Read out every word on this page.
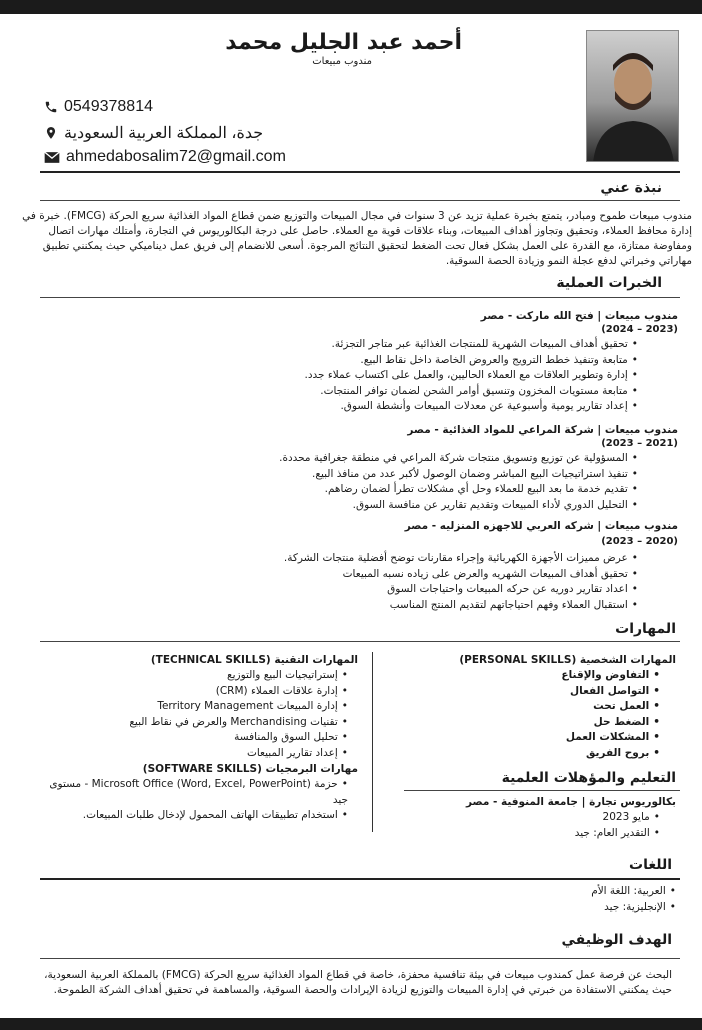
أحمد عبد الجليل محمد
مندوب مبيعات
0549378814
جدة، المملكة العربية السعودية
ahmedabosalim72@gmail.com
نبذة عني
مندوب مبيعات طموح ومبادر، يتمتع بخبرة عملية تزيد عن 3 سنوات في مجال المبيعات والتوزيع ضمن قطاع المواد الغذائية سريع الحركة (FMCG). خبرة في إدارة محافظ العملاء، وتحقيق وتجاوز أهداف المبيعات، وبناء علاقات قوية مع العملاء. حاصل على درجة البكالوريوس في التجارة، وأمتلك مهارات اتصال ومفاوضة ممتازة، مع القدرة على العمل بشكل فعال تحت الضغط لتحقيق النتائج المرجوة. أسعى للانضمام إلى فريق عمل ديناميكي حيث يمكنني تطبيق مهاراتي وخبراتي لدفع عجلة النمو وزيادة الحصة السوقية.
الخبرات العملية
مندوب مبيعات | فتح الله ماركت - مصر
(2023 – 2024)
• تحقيق أهداف المبيعات الشهرية للمنتجات الغذائية عبر متاجر التجزئة.
• متابعة وتنفيذ خطط الترويج والعروض الخاصة داخل نقاط البيع.
• إدارة وتطوير العلاقات مع العملاء الحاليين، والعمل على اكتساب عملاء جدد.
• متابعة مستويات المخزون وتنسيق أوامر الشحن لضمان توافر المنتجات.
• إعداد تقارير يومية وأسبوعية عن معدلات المبيعات وأنشطة السوق.
مندوب مبيعات | شركة المراعي للمواد الغذائية - مصر
(2021 – 2023)
• المسؤولية عن توزيع وتسويق منتجات شركة المراعي في منطقة جغرافية محددة.
• تنفيذ استراتيجيات البيع المباشر وضمان الوصول لأكبر عدد من منافذ البيع.
• تقديم خدمة ما بعد البيع للعملاء وحل أي مشكلات تطرأ لضمان رضاهم.
• التحليل الدوري لأداء المبيعات وتقديم تقارير عن منافسة السوق.
مندوب مبيعات | شركه العربي للاجهزه المنزليه - مصر
(2020 – 2023)
• عرض مميزات الأجهزة الكهربائية وإجراء مقارنات توضح أفضلية منتجات الشركة.
• تحقيق أهداف المبيعات الشهريه والعرض على زياده نسبه المبيعات
• اعداد تقارير دوريه عن حركه المبيعات واحتياجات السوق
• استقبال العملاء وفهم احتياجاتهم لتقديم المنتج المناسب
المهارات
المهارات الشخصية (PERSONAL SKILLS)
• التفاوض والإقناع
• التواصل الفعال
• العمل تحت
• الضغط حل
• المشكلات العمل
• بروح الفريق
المهارات التقنية (TECHNICAL SKILLS)
• إستراتيجيات البيع والتوزيع
• إدارة علاقات العملاء (CRM)
• إدارة المبيعات Territory Management
• تقنيات Merchandising والعرض في نقاط البيع
• تحليل السوق والمنافسة
• إعداد تقارير المبيعات
مهارات البرمجيات (SOFTWARE SKILLS)
• حزمة Microsoft Office (Word, Excel, PowerPoint) - مستوى جيد
• استخدام تطبيقات الهاتف المحمول لإدخال طلبات المبيعات.
التعليم والمؤهلات العلمية
بكالوريوس تجارة | جامعة المنوفية - مصر
• مايو 2023
• التقدير العام: جيد
اللغات
• العربية: اللغة الأم
• الإنجليزية: جيد
الهدف الوظيفي
البحث عن فرصة عمل كمندوب مبيعات في بيئة تنافسية محفزة، خاصة في قطاع المواد الغذائية سريع الحركة (FMCG) بالمملكة العربية السعودية، حيث يمكنني الاستفادة من خبرتي في إدارة المبيعات والتوزيع لزيادة الإيرادات والحصة السوقية، والمساهمة في تحقيق أهداف الشركة الطموحة.
